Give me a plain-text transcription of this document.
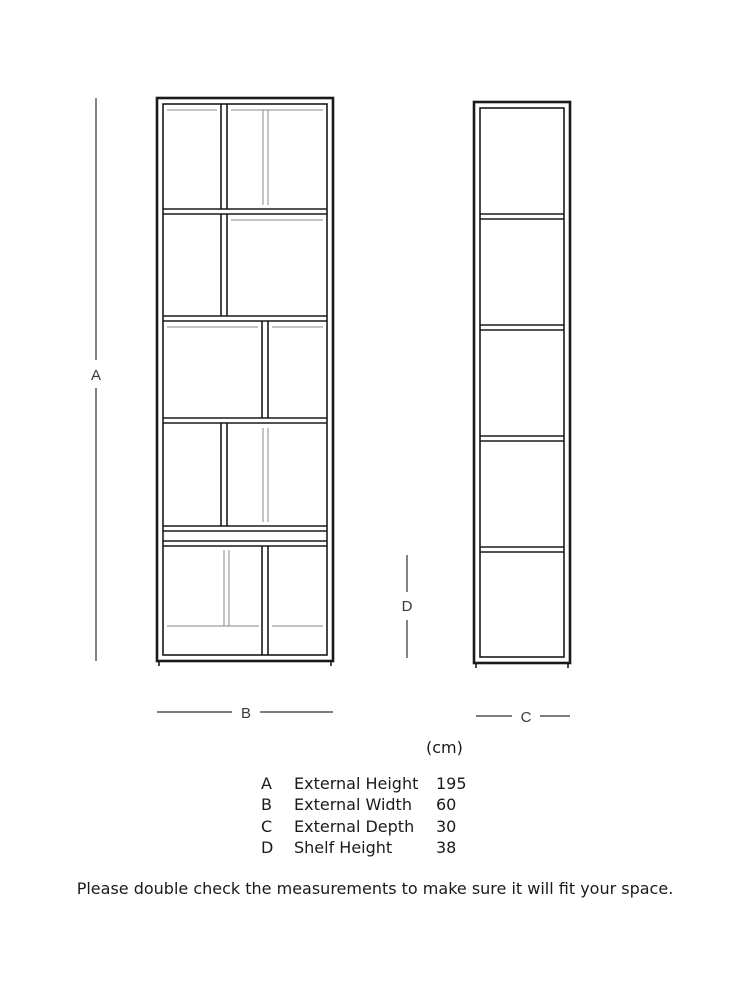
A
B	C
D
(cm)
A External Height 195
B External Width 60
C External Depth 30
D Shelf Height	38
Please double check the measurements to make sure it will fit your space.
